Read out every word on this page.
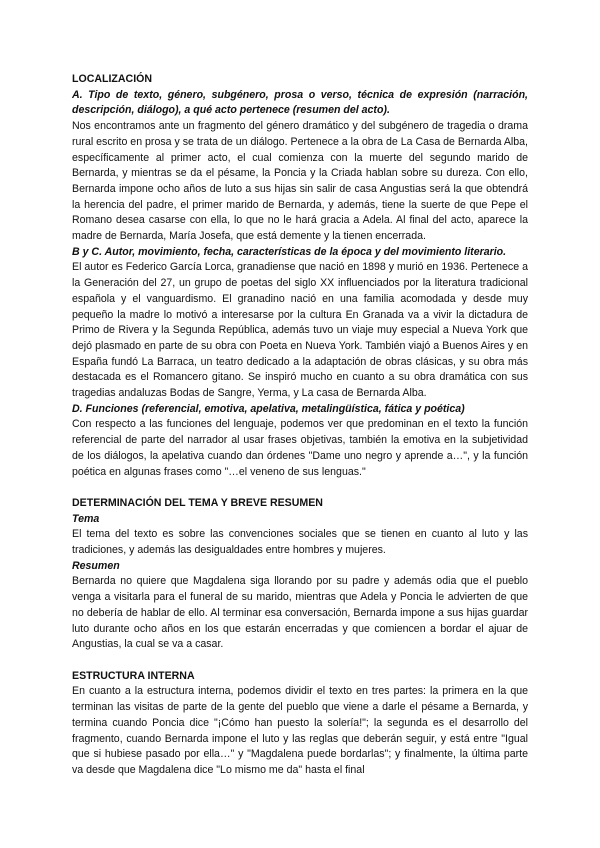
LOCALIZACIÓN

A. Tipo de texto, género, subgénero, prosa o verso, técnica de expresión (narración, descripción, diálogo), a qué acto pertenece (resumen del acto).

Nos encontramos ante un fragmento del género dramático y del subgénero de tragedia o drama rural escrito en prosa y se trata de un diálogo. Pertenece a la obra de La Casa de Bernarda Alba, específicamente al primer acto, el cual comienza con la muerte del segundo marido de Bernarda, y mientras se da el pésame, la Poncia y la Criada hablan sobre su dureza. Con ello, Bernarda impone ocho años de luto a sus hijas sin salir de casa Angustias será la que obtendrá la herencia del padre, el primer marido de Bernarda, y además, tiene la suerte de que Pepe el Romano desea casarse con ella, lo que no le hará gracia a Adela. Al final del acto, aparece la madre de Bernarda, María Josefa, que está demente y la tienen encerrada.

B y C. Autor, movimiento, fecha, características de la época y del movimiento literario.

El autor es Federico García Lorca, granadiense que nació en 1898 y murió en 1936. Pertenece a la Generación del 27, un grupo de poetas del siglo XX influenciados por la literatura tradicional española y el vanguardismo. El granadino nació en una familia acomodada y desde muy pequeño la madre lo motivó a interesarse por la cultura En Granada va a vivir la dictadura de Primo de Rivera y la Segunda República, además tuvo un viaje muy especial a Nueva York que dejó plasmado en parte de su obra con Poeta en Nueva York. También viajó a Buenos Aires y en España fundó La Barraca, un teatro dedicado a la adaptación de obras clásicas, y su obra más destacada es el Romancero gitano. Se inspiró mucho en cuanto a su obra dramática con sus tragedias andaluzas Bodas de Sangre, Yerma, y La casa de Bernarda Alba.

D. Funciones (referencial, emotiva, apelativa, metalingüística, fática y poética)

Con respecto a las funciones del lenguaje, podemos ver que predominan en el texto la función referencial de parte del narrador al usar frases objetivas, también la emotiva en la subjetividad de los diálogos, la apelativa cuando dan órdenes "Dame uno negro y aprende a…", y la función poética en algunas frases como "…el veneno de sus lenguas."

DETERMINACIÓN DEL TEMA Y BREVE RESUMEN

Tema

El tema del texto es sobre las convenciones sociales que se tienen en cuanto al luto y las tradiciones, y además las desigualdades entre hombres y mujeres.

Resumen

Bernarda no quiere que Magdalena siga llorando por su padre y además odia que el pueblo venga a visitarla para el funeral de su marido, mientras que Adela y Poncia le advierten de que no debería de hablar de ello. Al terminar esa conversación, Bernarda impone a sus hijas guardar luto durante ocho años en los que estarán encerradas y que comiencen a bordar el ajuar de Angustias, la cual se va a casar.

ESTRUCTURA INTERNA

En cuanto a la estructura interna, podemos dividir el texto en tres partes: la primera en la que terminan las visitas de parte de la gente del pueblo que viene a darle el pésame a Bernarda, y termina cuando Poncia dice "¡Cómo han puesto la solería!"; la segunda es el desarrollo del fragmento, cuando Bernarda impone el luto y las reglas que deberán seguir, y está entre "Igual que si hubiese pasado por ella…" y "Magdalena puede bordarlas"; y finalmente, la última parte va desde que Magdalena dice "Lo mismo me da" hasta el final
